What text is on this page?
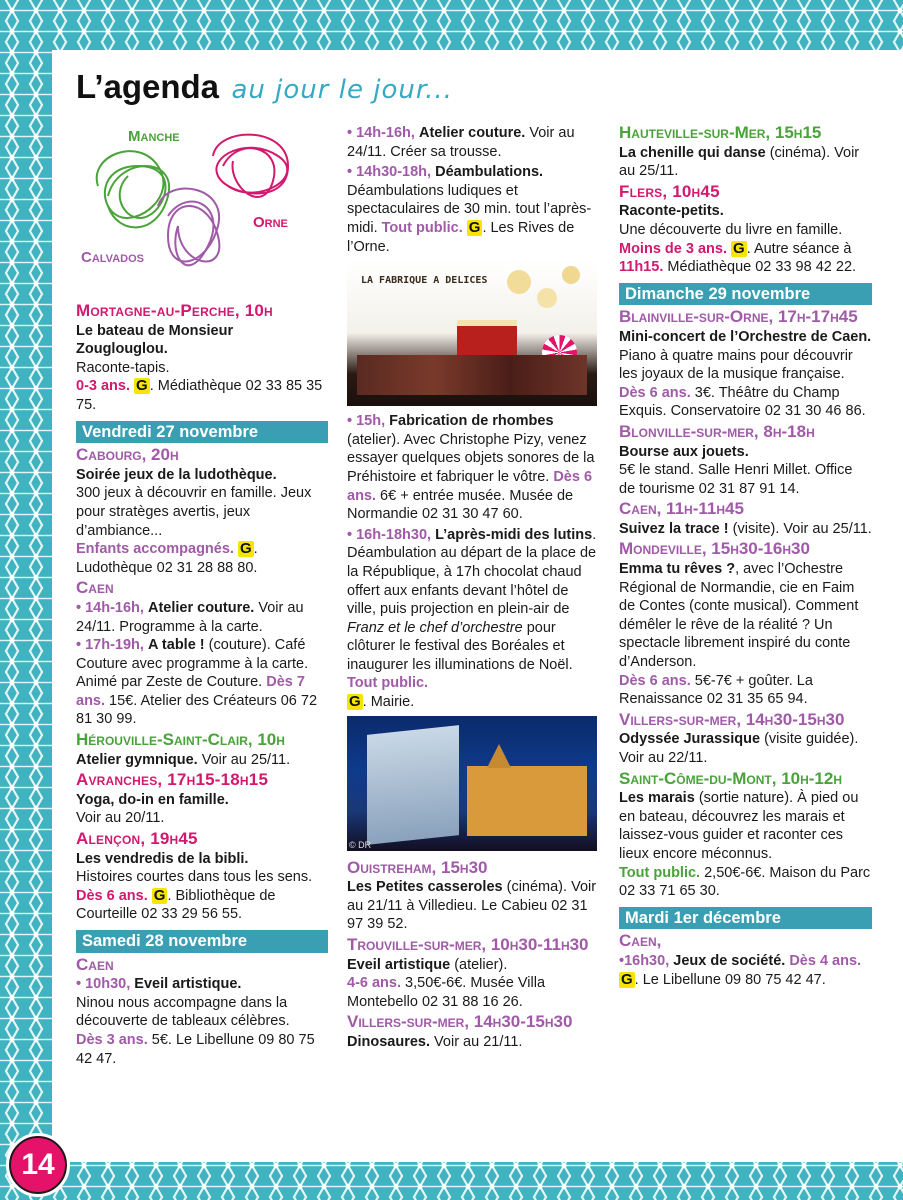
14
L’agenda au jour le jour...
Manche
Orne
Calvados

Mortagne-au-Perche, 10h
Le bateau de Monsieur Zouglouglou.
Raconte-tapis.
0-3 ans. G . Médiathèque 02 33 85 35 75.

Vendredi 27 novembre

Cabourg, 20h
Soirée jeux de la ludothèque.
300 jeux à découvrir en famille. Jeux pour stratèges avertis, jeux d’ambiance...
Enfants accompagnés. G . Ludothèque 02 31 28 88 80.

Caen
• 14h-16h, Atelier couture. Voir au 24/11. Programme à la carte.
• 17h-19h, A table ! (couture). Café Couture avec programme à la carte. Animé par Zeste de Couture. Dès 7 ans. 15€. Atelier des Créateurs 06 72 81 30 99.

Hérouville-Saint-Clair, 10h
Atelier gymnique. Voir au 25/11.

Avranches, 17h15-18h15
Yoga, do-in en famille.
Voir au 20/11.

Alençon, 19h45
Les vendredis de la bibli.
Histoires courtes dans tous les sens.
Dès 6 ans. G . Bibliothèque de Courteille 02 33 29 56 55.

Samedi 28 novembre

Caen
• 10h30, Eveil artistique.
Ninou nous accompagne dans la découverte de tableaux célèbres.
Dès 3 ans. 5€. Le Libellune 09 80 75 42 47.

• 14h-16h, Atelier couture. Voir au 24/11. Créer sa trousse.

• 14h30-18h, Déambulations.
Déambulations ludiques et spectaculaires de 30 min. tout l’après-midi. Tout public. G . Les Rives de l’Orne.

LA FABRIQUE A DELICES

• 15h, Fabrication de rhombes
(atelier). Avec Christophe Pizy, venez essayer quelques objets sonores de la Préhistoire et fabriquer le vôtre. Dès 6 ans. 6€ + entrée musée. Musée de Normandie 02 31 30 47 60.

• 16h-18h30, L’après-midi des lutins. Déambulation au départ de la place de la République, à 17h chocolat chaud offert aux enfants devant l’hôtel de ville, puis projection en plein-air de Franz et le chef d’orchestre pour clôturer le festival des Boréales et inaugurer les illuminations de Noël. Tout public.
G . Mairie.

© DR

Ouistreham, 15h30
Les Petites casseroles (cinéma). Voir au 21/11 à Villedieu. Le Cabieu 02 31 97 39 52.

Trouville-sur-mer, 10h30-11h30
Eveil artistique (atelier).
4-6 ans. 3,50€-6€. Musée Villa Montebello 02 31 88 16 26.

Villers-sur-mer, 14h30-15h30
Dinosaures. Voir au 21/11.

Hauteville-sur-Mer, 15h15
La chenille qui danse (cinéma). Voir au 25/11.

Flers, 10h45
Raconte-petits.
Une découverte du livre en famille.
Moins de 3 ans. G . Autre séance à 11h15. Médiathèque 02 33 98 42 22.

Dimanche 29 novembre

Blainville-sur-Orne, 17h-17h45
Mini-concert de l’Orchestre de Caen.
Piano à quatre mains pour découvrir les joyaux de la musique française. Dès 6 ans. 3€. Théâtre du Champ Exquis. Conservatoire 02 31 30 46 86.

Blonville-sur-mer, 8h-18h
Bourse aux jouets.
5€ le stand. Salle Henri Millet. Office de tourisme 02 31 87 91 14.

Caen, 11h-11h45
Suivez la trace ! (visite). Voir au 25/11.

Mondeville, 15h30-16h30
Emma tu rêves ?, avec l’Ochestre Régional de Normandie, cie en Faim de Contes (conte musical). Comment démêler le rêve de la réalité ? Un spectacle librement inspiré du conte d’Anderson.
Dès 6 ans. 5€-7€ + goûter. La Renaissance 02 31 35 65 94.

Villers-sur-mer, 14h30-15h30
Odyssée Jurassique (visite guidée). Voir au 22/11.

Saint-Côme-du-Mont, 10h-12h
Les marais (sortie nature). À pied ou en bateau, découvrez les marais et laissez-vous guider et raconter ces lieux encore méconnus.
Tout public. 2,50€-6€. Maison du Parc 02 33 71 65 30.

Mardi 1er décembre

Caen,
•16h30, Jeux de société. Dès 4 ans. G . Le Libellune 09 80 75 42 47.
